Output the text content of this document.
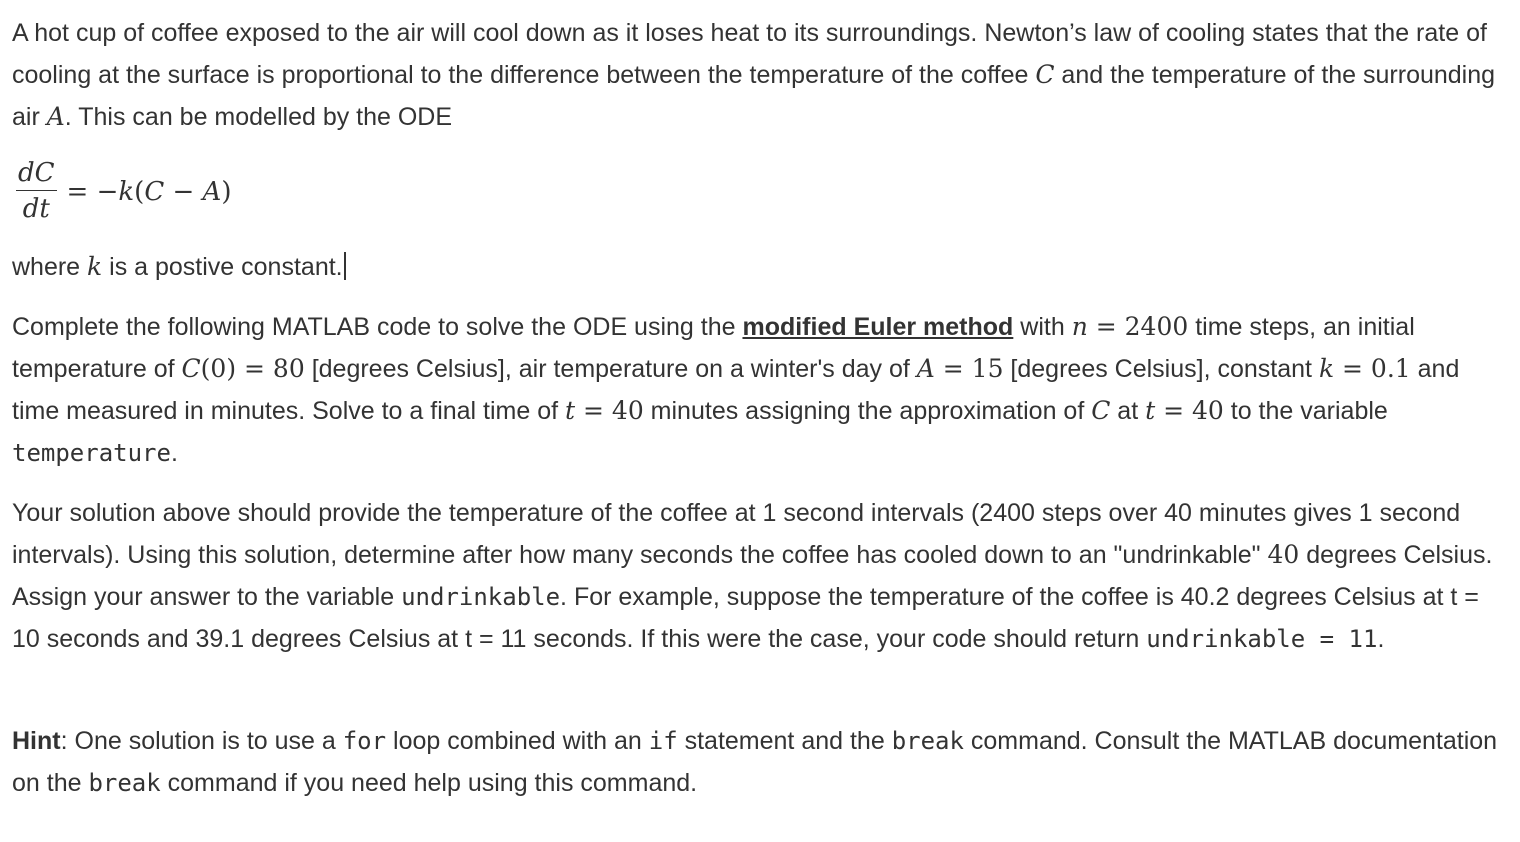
A hot cup of coffee exposed to the air will cool down as it loses heat to its surroundings. Newton’s law of cooling states that the rate of cooling at the surface is proportional to the difference between the temperature of the coffee C and the temperature of the surrounding air A. This can be modelled by the ODE

$\frac{dC}{dt} = -k(C - A)$

where k is a postive constant.

Complete the following MATLAB code to solve the ODE using the modified Euler method with n = 2400 time steps, an initial temperature of C(0) = 80 [degrees Celsius], air temperature on a winter's day of A = 15 [degrees Celsius], constant k = 0.1 and time measured in minutes. Solve to a final time of t = 40 minutes assigning the approximation of C at t = 40 to the variable temperature.

Your solution above should provide the temperature of the coffee at 1 second intervals (2400 steps over 40 minutes gives 1 second intervals). Using this solution, determine after how many seconds the coffee has cooled down to an "undrinkable" 40 degrees Celsius. Assign your answer to the variable undrinkable. For example, suppose the temperature of the coffee is 40.2 degrees Celsius at t = 10 seconds and 39.1 degrees Celsius at t = 11 seconds. If this were the case, your code should return undrinkable = 11.

Hint: One solution is to use a for loop combined with an if statement and the break command. Consult the MATLAB documentation on the break command if you need help using this command.
